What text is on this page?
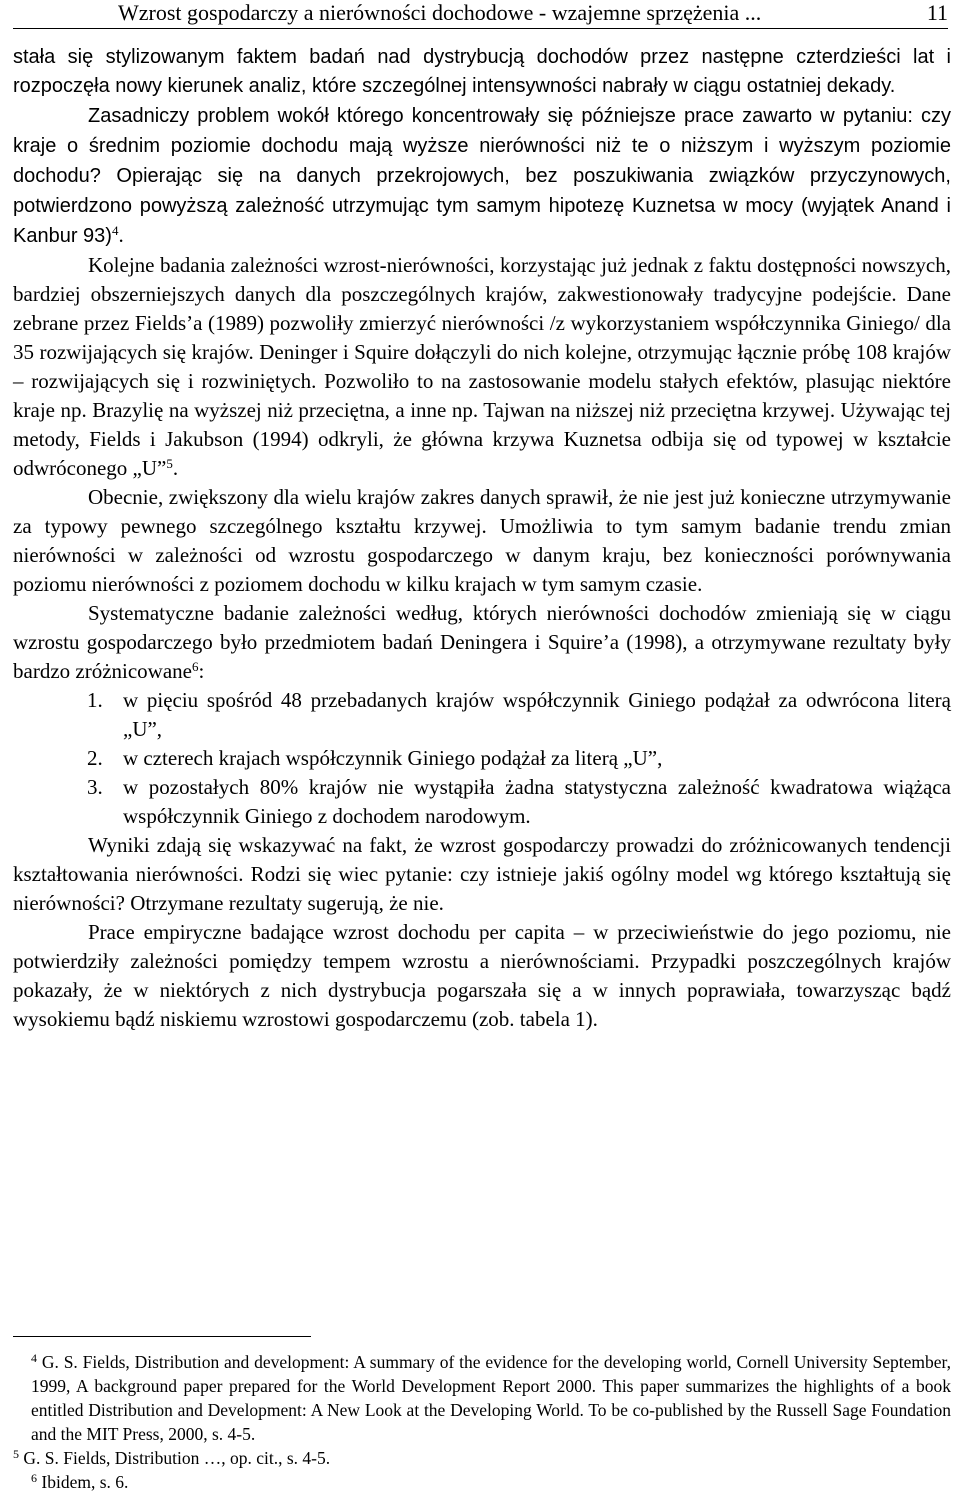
Wzrost gospodarczy a nierówności dochodowe - wzajemne sprzężenia ...	11

stała się stylizowanym faktem badań nad dystrybucją dochodów przez następne czterdzieści lat i rozpoczęła nowy kierunek analiz, które szczególnej intensywności nabrały w ciągu ostatniej dekady.

Zasadniczy problem wokół którego koncentrowały się późniejsze prace zawarto w pytaniu: czy kraje o średnim poziomie dochodu mają wyższe nierówności niż te o niższym i wyższym poziomie dochodu? Opierając się na danych przekrojowych, bez poszukiwania związków przyczynowych, potwierdzono powyższą zależność utrzymując tym samym hipotezę Kuznetsa w mocy (wyjątek Anand i Kanbur 93)$^4$.

Kolejne badania zależności wzrost-nierówności, korzystając już jednak z faktu dostępności nowszych, bardziej obszerniejszych danych dla poszczególnych krajów, zakwestionowały tradycyjne podejście. Dane zebrane przez Fields’a (1989) pozwoliły zmierzyć nierówności /z wykorzystaniem współczynnika Giniego/ dla 35 rozwijających się krajów. Deninger i Squire dołączyli do nich kolejne, otrzymując łącznie próbę 108 krajów – rozwijających się i rozwiniętych. Pozwoliło to na zastosowanie modelu stałych efektów, plasując niektóre kraje np. Brazylię na wyższej niż przeciętna, a inne np. Tajwan na niższej niż przeciętna krzywej. Używając tej metody, Fields i Jakubson (1994) odkryli, że główna krzywa Kuznetsa odbija się od typowej w kształcie odwróconego „U”$^5$.

Obecnie, zwiększony dla wielu krajów zakres danych sprawił, że nie jest już konieczne utrzymywanie za typowy pewnego szczególnego kształtu krzywej. Umożliwia to tym samym badanie trendu zmian nierówności w zależności od wzrostu gospodarczego w danym kraju, bez konieczności porównywania poziomu nierówności z poziomem dochodu w kilku krajach w tym samym czasie.

Systematyczne badanie zależności według, których nierówności dochodów zmieniają się w ciągu wzrostu gospodarczego było przedmiotem badań Deningera i Squire’a (1998), a otrzymywane rezultaty były bardzo zróżnicowane$^6$:

1. w pięciu spośród 48 przebadanych krajów współczynnik Giniego podążał za odwrócona literą „U”,
2. w czterech krajach współczynnik Giniego podążał za literą „U”,
3. w pozostałych 80% krajów nie wystąpiła żadna statystyczna zależność kwadratowa wiążąca współczynnik Giniego z dochodem narodowym.

Wyniki zdają się wskazywać na fakt, że wzrost gospodarczy prowadzi do zróżnicowanych tendencji kształtowania nierówności. Rodzi się wiec pytanie: czy istnieje jakiś ogólny model wg którego kształtują się nierówności? Otrzymane rezultaty sugerują, że nie.

Prace empiryczne badające wzrost dochodu per capita – w przeciwieństwie do jego poziomu, nie potwierdziły zależności pomiędzy tempem wzrostu a nierównościami. Przypadki poszczególnych krajów pokazały, że w niektórych z nich dystrybucja pogarszała się a w innych poprawiała, towarzysząc bądź wysokiemu bądź niskiemu wzrostowi gospodarczemu (zob. tabela 1).

$^4$ G. S. Fields, Distribution and development: A summary of the evidence for the developing world, Cornell University September, 1999, A background paper prepared for the World Development Report 2000. This paper summarizes the highlights of a book entitled Distribution and Development: A New Look at the Developing World. To be co-published by the Russell Sage Foundation and the MIT Press, 2000, s. 4-5.

$^5$ G. S. Fields, Distribution …, op. cit., s. 4-5.

$^6$ Ibidem, s. 6.
